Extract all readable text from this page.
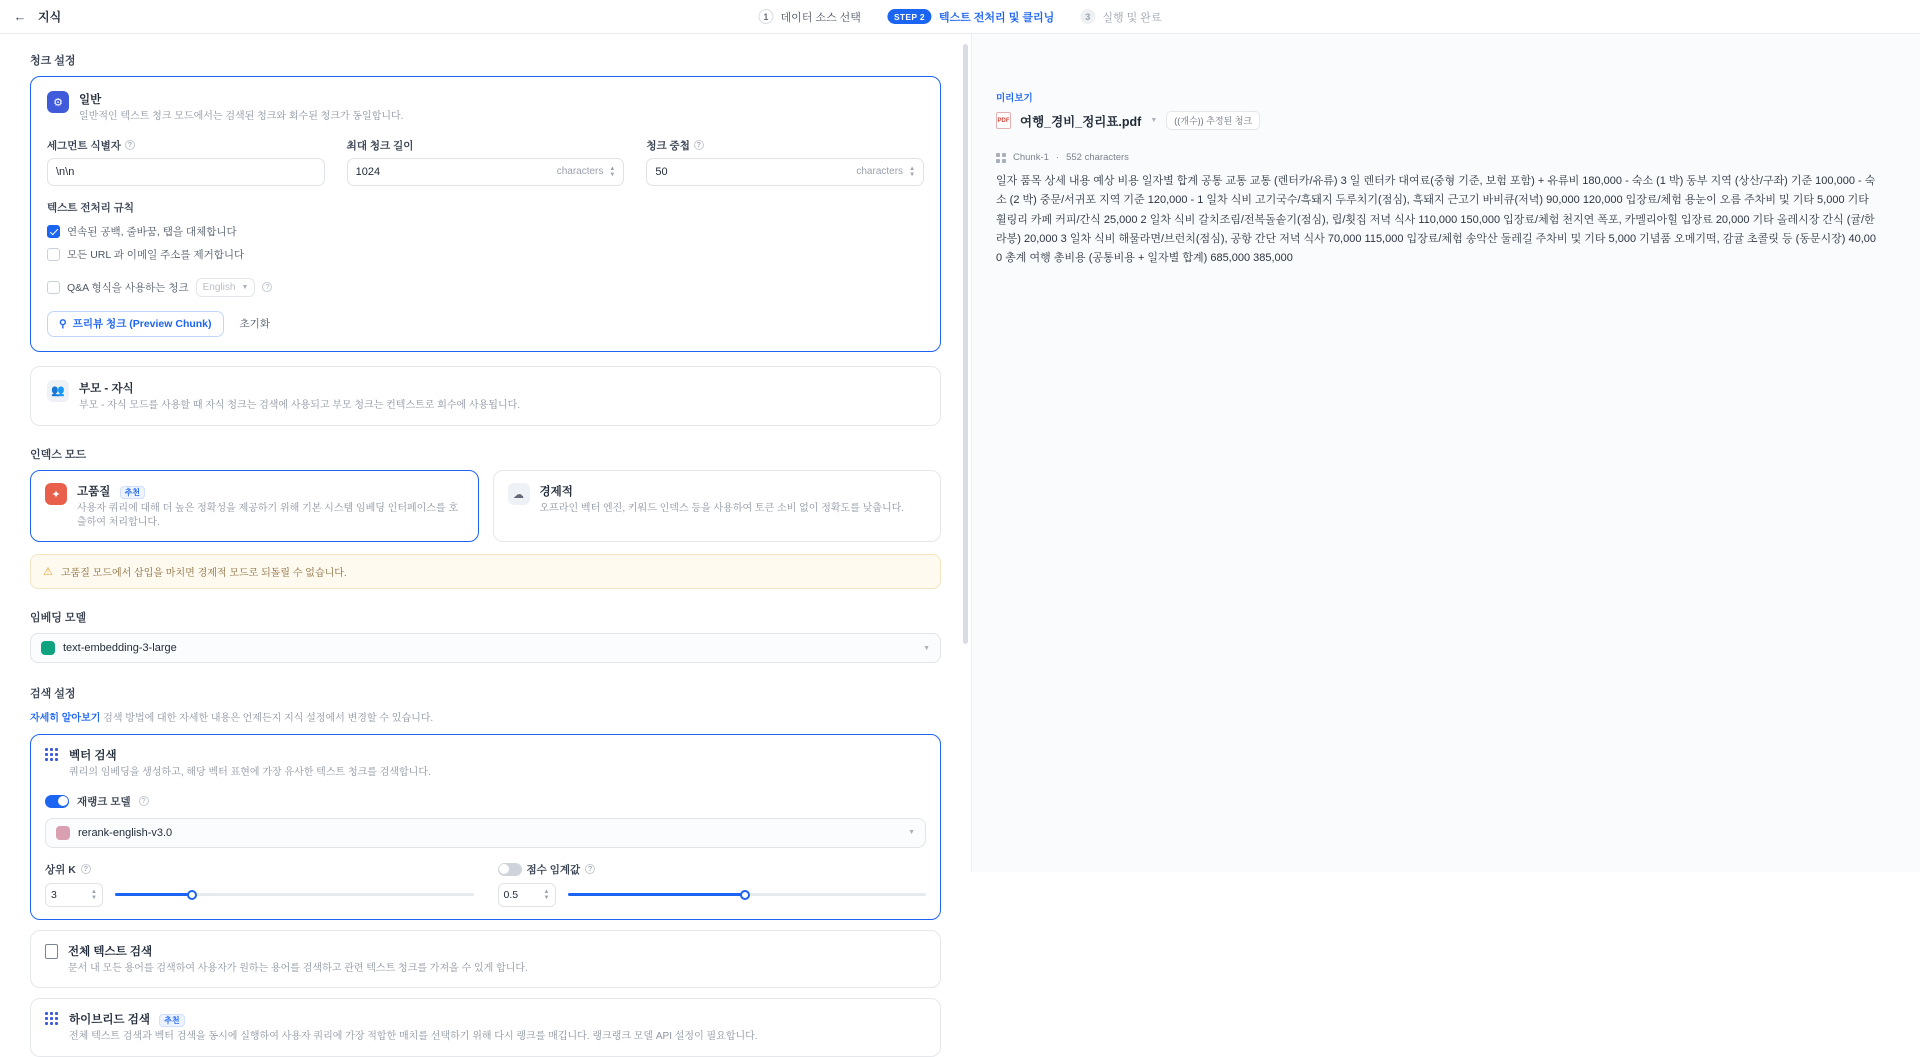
← 지식	1	데이터 소스 선택	STEP 2	텍스트 전처리 및 클리닝	3	실행 및 완료
청크 설정
⚙	일반
일반적인 텍스트 청크 모드에서는 검색된 청크와 회수된 청크가 동일합니다.
세그먼트 식별자 ?
\n\n
최대 청크 길이
1024	characters ▲
▼
청크 중첩 ?
50	characters ▲
▼
텍스트 전처리 규칙
연속된 공백, 줄바꿈, 탭을 대체합니다
모든 URL 과 이메일 주소를 제거합니다
Q&A 형식을 사용하는 청크 English ▼	?
⚲ 프리뷰 청크 (Preview Chunk)	초기화
👥	부모 - 자식
부모 - 자식 모드를 사용할 때 자식 청크는 검색에 사용되고 부모 청크는 컨텍스트로 회수에 사용됩니다.
인덱스 모드
✦	고품질 추천
사용자 쿼리에 대해 더 높은 정확성을 제공하기 위해 기본 시스템 임베딩 인터페이스를 호출하여 처리합니다.
☁	경제적
오프라인 벡터 엔진, 키워드 인덱스 등을 사용하여 토큰 소비 없이 정확도를 낮춥니다.
⚠ 고품질 모드에서 삽입을 마치면 경제적 모드로 되돌릴 수 없습니다.
임베딩 모델
text-embedding-3-large	▼
검색 설정
자세히 알아보기 검색 방법에 대한 자세한 내용은 언제든지 지식 설정에서 변경할 수 있습니다.
벡터 검색
쿼리의 임베딩을 생성하고, 해당 벡터 표현에 가장 유사한 텍스트 청크를 검색합니다.
재랭크 모델	?
rerank-english-v3.0	▼
상위 K	?
3	▲
▼
점수 임계값	?
0.5	▲
▼
전체 텍스트 검색
문서 내 모든 용어를 검색하여 사용자가 원하는 용어를 검색하고 관련 텍스트 청크를 가져올 수 있게 합니다.
하이브리드 검색 추천
전체 텍스트 검색과 벡터 검색을 동시에 실행하여 사용자 쿼리에 가장 적합한 매치를 선택하기 위해 다시 랭크를 매깁니다. 랭크랭크 모델 API 설정이 필요합니다.
미리보기
PDF 여행_경비_정리표.pdf ▼	((개수)) 추정된 청크
Chunk-1 · 552 characters
일자 품목 상세 내용 예상 비용 일자별 합계 공통 교통 교통 (렌터카/유류) 3 일 렌터카 대여료(중형 기준, 보험 포함) + 유류비 180,000 - 숙소 (1 박) 동부 지역 (상산/구좌) 기준 100,000 - 숙소 (2 박) 중문/서귀포 지역 기준 120,000 - 1 일차 식비 고기국수/흑돼지 두루치기(점심), 흑돼지 근고기 바비큐(저녁) 90,000 120,000 입장료/체험 용눈이 오름 주차비 및 기타 5,000 기타 휠링리 카페 커피/간식 25,000 2 일차 식비 갈치조림/전복돌솥기(점심), 립/횟집 저녁 식사 110,000 150,000 입장료/체험 천지연 폭포, 카멜리아힐 입장료 20,000 기타 올레시장 간식 (귤/한라봉) 20,000 3 일차 식비 해물라면/브런치(점심), 공항 간단 저녁 식사 70,000 115,000 입장료/체험 송악산 둘레길 주차비 및 기타 5,000 기념품 오메기떡, 감귤 초콜릿 등 (동문시장) 40,000 총계 여행 총비용 (공통비용 + 일자별 합계) 685,000 385,000
